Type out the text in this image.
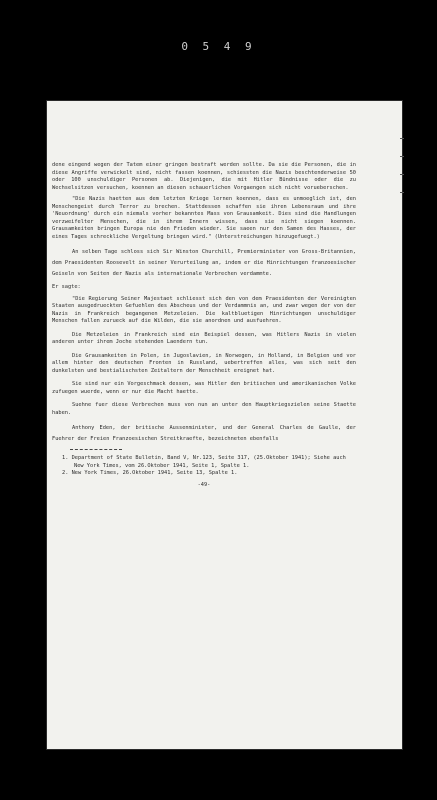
0 5 4 9

dene eingend wegen der Tatem einer gringen bestraft werden sollte. Da sie die Personen, die in diese Angriffe verwickelt sind, nicht fassen koennen, schiessten die Nazis beschtenderweise 50 oder 100 unschuldiger Personen ab. Diejenigen, die mit Hitler Bündnisse oder die zu Wechselsitzen versuchen, koennen an diesen schauerlichen Vorgaengen sich nicht vorueberschen.

"Die Nazis haetten aus dem letzten Kriege lernen koennen, dass es unmoeglich ist, den Menschengeist durch Terror zu brechen. Stattdessen schaffen sie ihren Lebensraum und ihre 'Neuordnung' durch ein niemals vorher bekanntes Mass von Grausamkeit. Dies sind die Handlungen verzweifelter Menschen, die in ihrem Innern wissen, dass sie nicht siegen koennen. Grausamkeiten bringen Europa nie den Frieden wieder. Sie saeen nur den Samen des Hasses, der eines Tages schreckliche Vergeltung bringen wird." (Unterstreichungen hinzugefuegt.)

An selben Tage schloss sich Sir Winston Churchill, Premierminister von Gross-Britannien, dem Praesidenten Roosevelt in seiner Verurteilung an, indem er die Hinrichtungen franzoesischer Geiseln von Seiten der Nazis als internationale Verbrechen verdammte.

Er sagte:

"Die Regierung Seiner Majestaet schliesst sich den von dem Praesidenten der Vereinigten Staaten ausgedrueckten Gefuehlen des Abscheus und der Verdammnis an, und zwar wegen der von der Nazis in Frankreich begangenen Metzeleien. Die kaltbluetigen Hinrichtungen unschuldiger Menschen fallen zurueck auf die Wilden, die sie anordnen und ausfuehren.

Die Metzeleien in Frankreich sind ein Beispiel dessen, was Hitlers Nazis in vielen anderen unter ihrem Joche stehenden Laendern tun.

Die Grausamkeiten in Polen, in Jugoslavien, in Norwegen, in Holland, in Belgien und vor allem hinter den deutschen Fronten in Russland, uebertreffen alles, was sich seit den dunkelsten und bestialischsten Zeitaltern der Menschheit ereignet hat.

Sie sind nur ein Vorgeschmack dessen, was Hitler den britischen und amerikanischen Volke zufuegen wuerde, wenn er nur die Macht haette.

Suehne fuer diese Verbrechen muss von nun an unter den Hauptkriegszielen seine Staette haben.

Anthony Eden, der britische Aussenminister, und der General Charles de Gaulle, der Fuehrer der Freien Franzoesischen Streitkraefte, bezeichneten ebenfalls

1. Department of State Bulletin, Band V, Nr.123, Seite 317, (25.Oktober 1941); Siehe auch New York Times, vom 26.Oktober 1941, Seite 1, Spalte 1.

2. New York Times, 26.Oktober 1941, Seite 13, Spalte 1.

-49-
